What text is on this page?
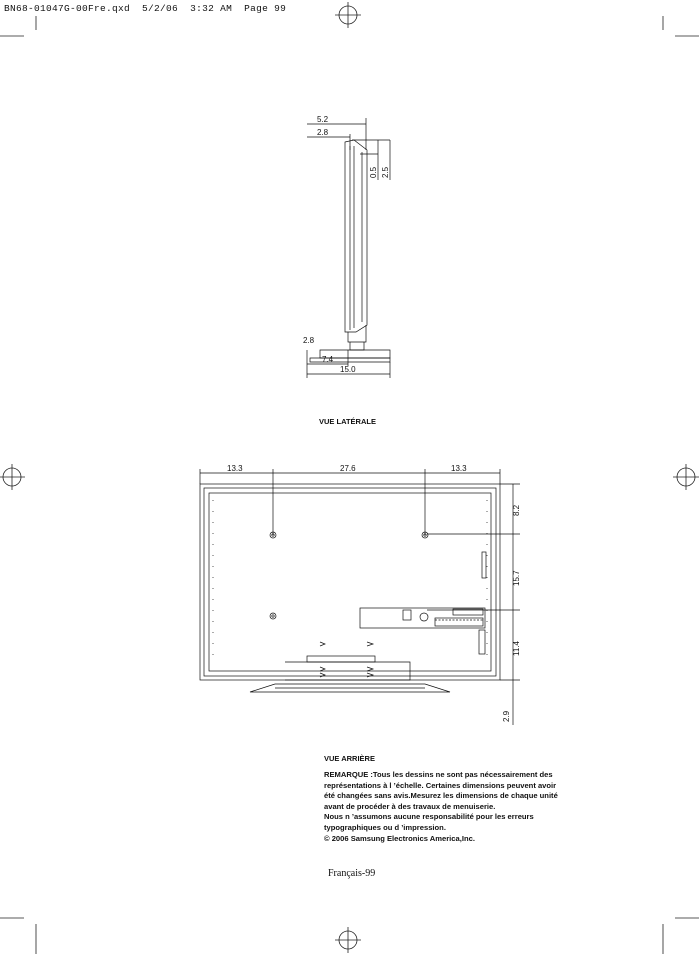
BN68-01047G-00Fre.qxd 5/2/06 3:32 AM Page 99
5.2
2.8
0.5 2.5
2.8
7.4
15.0
VUE LATÉRALE
13.3	27.6	13.3
8.2
15.7
11.4
2.9
VUE ARRIÈRE
REMARQUE :Tous les dessins ne sont pas nécessairement des
représentations à l ’échelle. Certaines dimensions peuvent avoir
été changées sans avis.Mesurez les dimensions de chaque unité
avant de procéder à des travaux de menuiserie.
Nous n ’assumons aucune responsabilité pour les erreurs
typographiques ou d ’impression.
© 2006 Samsung Electronics America,Inc.
Français-99
